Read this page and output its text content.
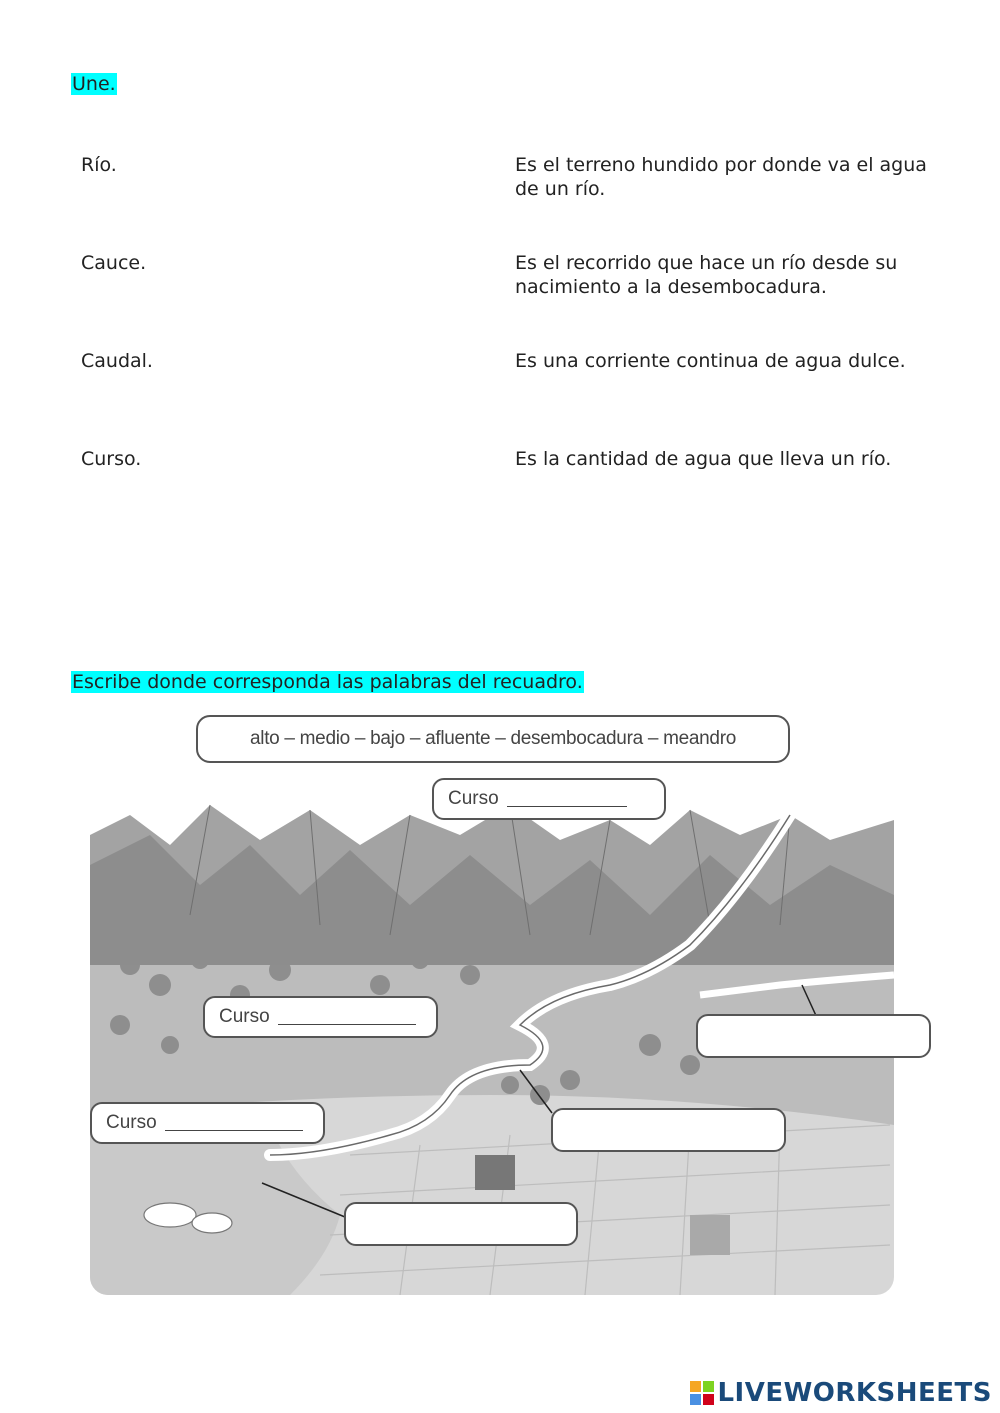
Une.
Río.
Cauce.
Caudal.
Curso.
Es el terreno hundido por donde va el agua de un río.
Es el recorrido que hace un río desde su nacimiento a la desembocadura.
Es una corriente continua de agua dulce.
Es la cantidad de agua que lleva un río.
Escribe donde corresponda las palabras del recuadro.
alto – medio – bajo – afluente – desembocadura – meandro
Curso
Curso
Curso
LIVEWORKSHEETS
